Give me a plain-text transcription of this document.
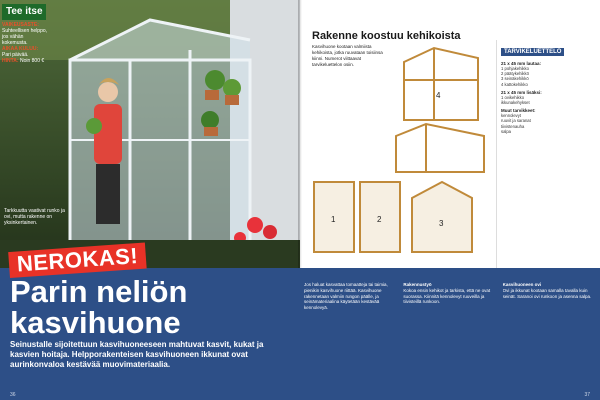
Tee itse
VAIKEUSASTE: Suhteellisen helppo, jos vähän kokemusta.
AIKAA KULUU: Pari päivää.
HINTA: Noin 800 €
Tarkkuutta vaativat runko ja ovi, mutta rakenne on yksinkertainen.
Rakenne koostuu kehikoista
Kasvihuone kootaan valmiista kehikoista, jotka ruuvataan toisiinsa kiinni. Numerot viittaavat tarvikeluettelon osiin.
1	2	3
4
TARVIKELUETTELO
21 x 45 mm lautaa:
1 pohjakehikko
2 päätykehikkö
3 seinäkehikkö
4 kattokehikko
21 x 45 mm lisäksi:
1 ovikehikko
ikkunakehykset
Muut tarvikkeet:
kennolevyt
ruuvit ja saranat
tiivistenauha
salpa
NEROKAS!
Parin neliön kasvihuone
Seinustalle sijoitettuun kasvihuoneeseen mahtuvat kasvit, kukat ja kasvien hoitaja. Helpporakenteisen kasvihuoneen ikkunat ovat aurinkonvaloa kestävää muovimateriaalia.
Jos haluat kasvattaa tomaatteja tai taimia, pienikin kasvihuone riittää. Kasvihuone rakennetaan valmiin rungon päälle, ja seinämateriaalina käytetään kestävää kennolevyä.
Rakennustyö
Kokoa ensin kehikot ja tarkista, että ne ovat suorassa. Kiinnitä kennolevyt ruuveilla ja tiivisteillä runkoon.
Kasvihuoneen ovi
Ovi ja ikkunat kootaan samalla tavalla kuin seinät. Saranoi ovi runkoon ja asenna salpa.
36	37
